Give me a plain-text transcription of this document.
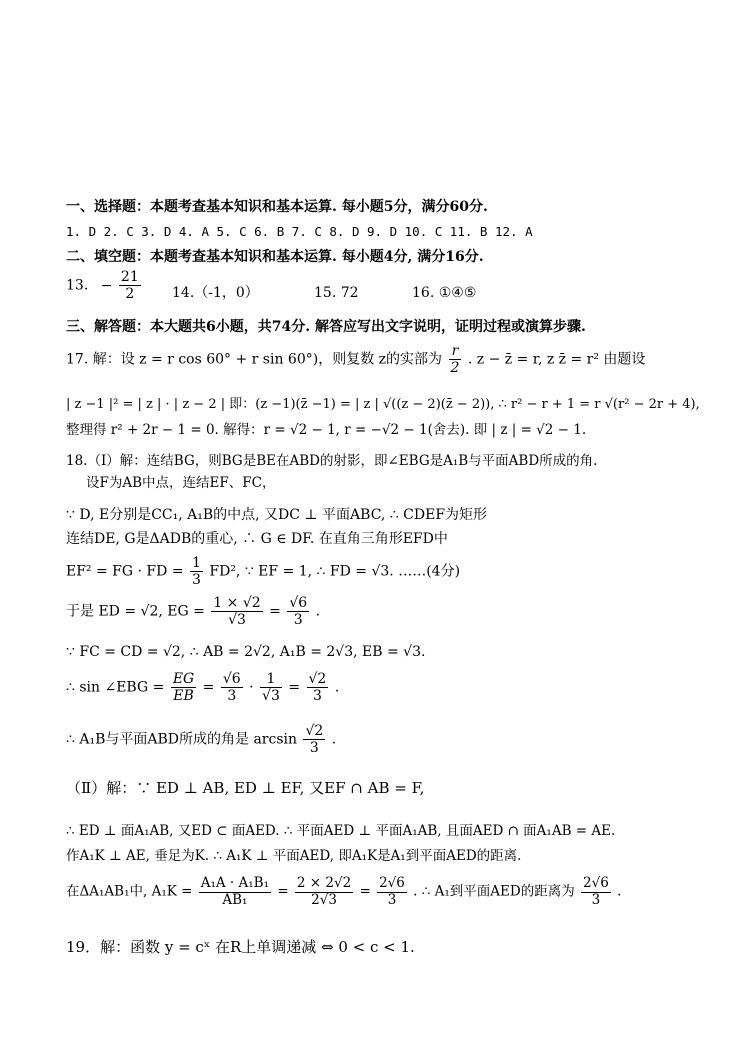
一、选择题：本题考查基本知识和基本运算. 每小题5分，满分60分.
1. D 2. C 3. D 4. A 5. C 6. B 7. C 8. D 9. D 10. C 11. B 12. A
二、填空题：本题考查基本知识和基本运算. 每小题4分, 满分16分.
13. − $\frac{21}{2} 14.(-1$，0）	15. 72	16. ①④⑤
三、解答题：本大题共6小题，共74分. 解答应写出文字说明，证明过程或演算步骤.
17. 解：设 z = r cos 60° + r sin 60°)，则复数 z的实部为 $\frac{r}{2}$ . z − z̄ = r, z z̄ = r² 由题设
| z −1 |² = | z | · | z − 2 | 即：(z −1)(z̄ −1) = | z | √((z − 2)(z̄ − 2)), ∴ r² − r + 1 = r √(r² − 2r + 4),
整理得 r² + 2r − 1 = 0. 解得：r = √2 − 1, r = −√2 − 1(舍去). 即 | z | = √2 − 1.
18.（Ⅰ）解：连结BG，则BG是BE在ABD的射影，即∠EBG是A₁B与平面ABD所成的角.
设F为AB中点，连结EF、FC，
∵ D, E分别是CC₁, A₁B的中点, 又DC ⊥ 平面ABC, ∴ CDEF为矩形
连结DE, G是ΔADB的重心, ∴ G ∈ DF. 在直角三角形EFD中
EF² = FG · FD = $\frac{1}{3} FD^2$, ∵ EF = 1, ∴ FD = √3. ……(4分)
于是 ED = √2, EG = $\frac{1 \times √2}{√3} = \frac{√6}{3}$ .
∵ FC = CD = √2, ∴ AB = 2√2, A₁B = 2√3, EB = √3.
∴ sin ∠EBG = $\frac{EG}{EB} = \frac{√6}{3} \cdot \frac{1}{√3} = \frac{√2}{3}$ .
∴ A₁B与平面ABD所成的角是 $\arcsin \frac{√2}{3}$ .
（Ⅱ）解：∵ ED ⊥ AB, ED ⊥ EF, 又EF ∩ AB = F,
∴ ED ⊥ 面A₁AB, 又ED ⊂ 面AED. ∴ 平面AED ⊥ 平面A₁AB, 且面AED ∩ 面A₁AB = AE.
作A₁K ⊥ AE, 垂足为K. ∴ A₁K ⊥ 平面AED, 即A₁K是A₁到平面AED的距离.
在ΔA₁AB₁中, $A_1K = \frac{\text{A₁A · A₁B₁}}{\text{AB₁}} = \frac{2 \times 2√2}{2√3} = \frac{2√6}{3}$ . ∴ A₁到平面AED的距离为 $\frac{2√6}{3}$ .
19．解：函数 y = cˣ 在R上单调递减 ⇔ 0 < c < 1.
